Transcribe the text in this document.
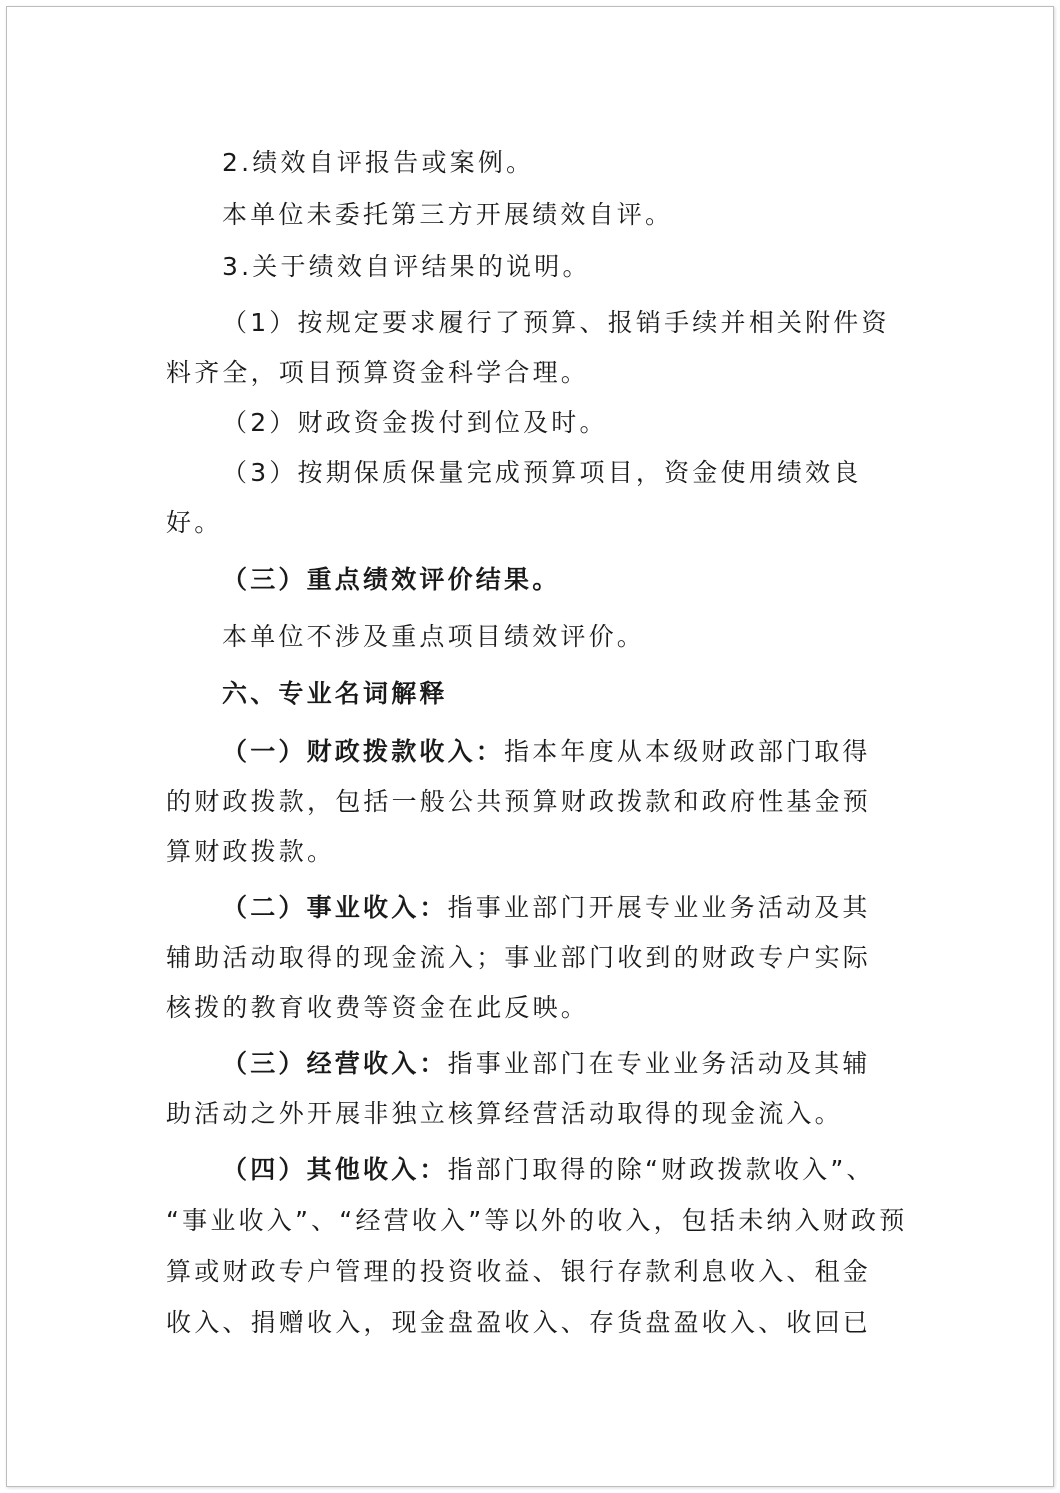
2.绩效自评报告或案例。
本单位未委托第三方开展绩效自评。
3.关于绩效自评结果的说明。
（1）按规定要求履行了预算、报销手续并相关附件资
料齐全，项目预算资金科学合理。
（2）财政资金拨付到位及时。
（3）按期保质保量完成预算项目，资金使用绩效良
好。
（三）重点绩效评价结果。
本单位不涉及重点项目绩效评价。
六、专业名词解释
（一）财政拨款收入：指本年度从本级财政部门取得
的财政拨款，包括一般公共预算财政拨款和政府性基金预
算财政拨款。
（二）事业收入：指事业部门开展专业业务活动及其
辅助活动取得的现金流入；事业部门收到的财政专户实际
核拨的教育收费等资金在此反映。
（三）经营收入：指事业部门在专业业务活动及其辅
助活动之外开展非独立核算经营活动取得的现金流入。
（四）其他收入：指部门取得的除“财政拨款收入”、
“事业收入”、“经营收入”等以外的收入，包括未纳入财政预
算或财政专户管理的投资收益、银行存款利息收入、租金
收入、捐赠收入，现金盘盈收入、存货盘盈收入、收回已
